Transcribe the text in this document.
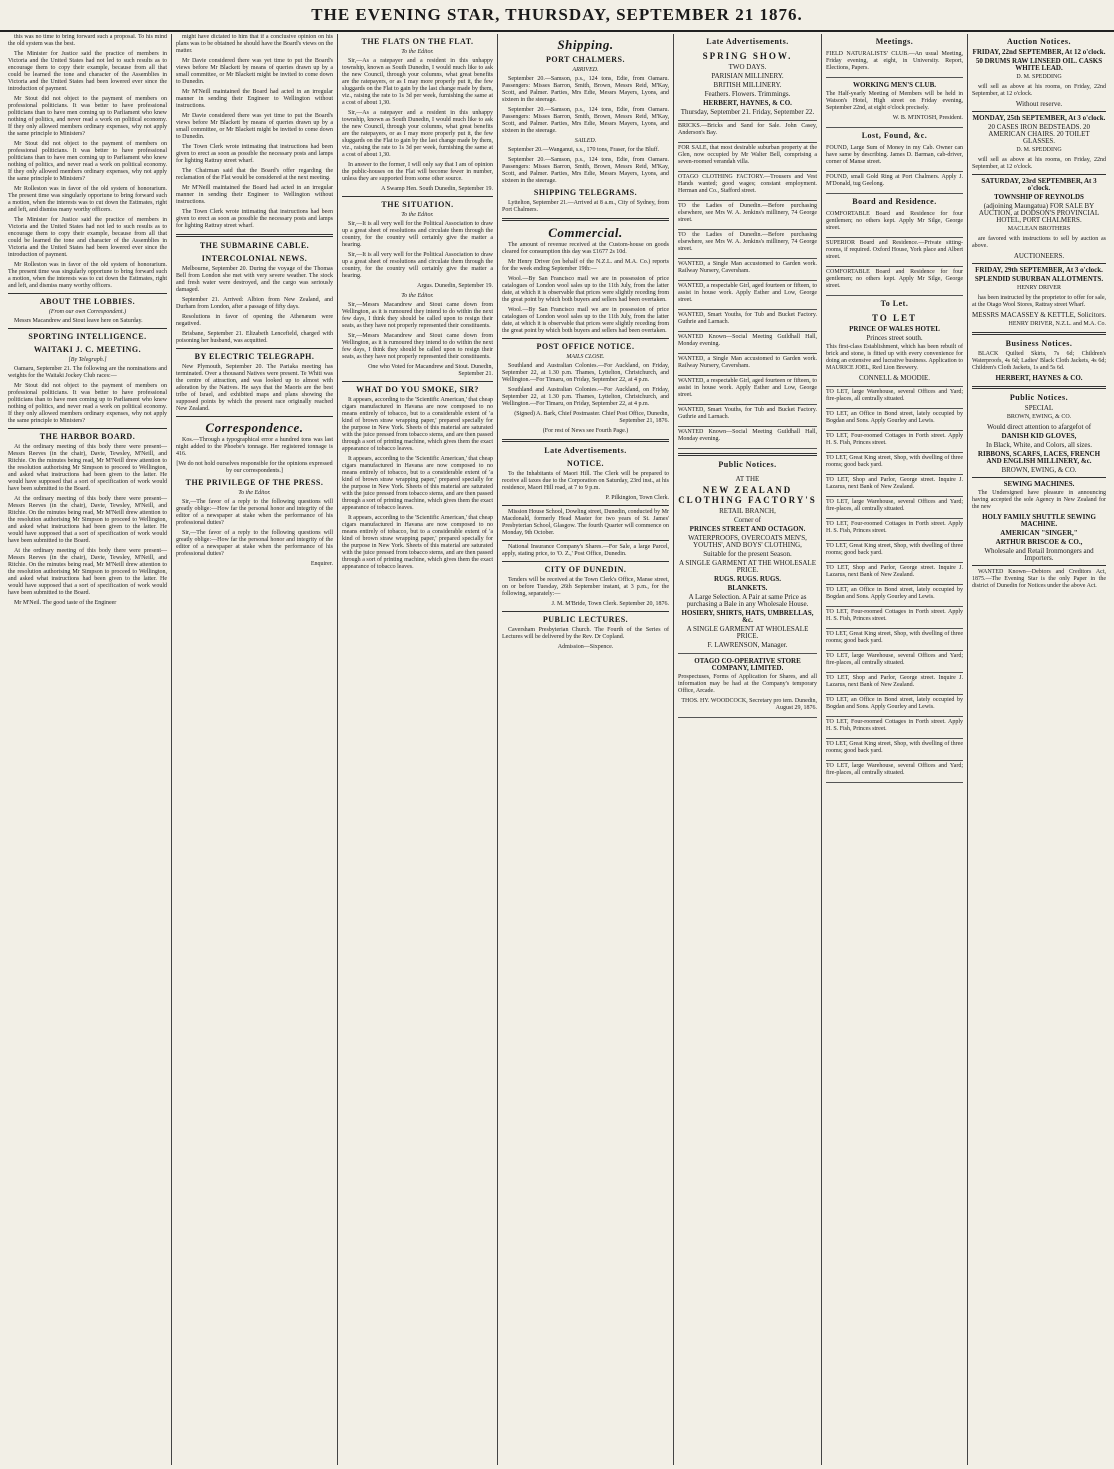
THE EVENING STAR, THURSDAY, SEPTEMBER 21 1876.

this was no time to bring forward such a proposal. To his mind the old system was the best.

The Minister for Justice said the practice of members in Victoria and the United States had not led to such results as to encourage them to copy their example, because from all that could be learned the tone and character of the Assemblies in Victoria and the United States had been lowered ever since the introduction of payment.

Mr Stout did not object to the payment of members on professional politicians. It was better to have professional politicians than to have men coming up to Parliament who knew nothing of politics, and never read a work on political economy. If they only allowed members ordinary expenses, why not apply the same principle to Ministers?

Mr Stout did not object to the payment of members on professional politicians. It was better to have professional politicians than to have men coming up to Parliament who knew nothing of politics, and never read a work on political economy. If they only allowed members ordinary expenses, why not apply the same principle to Ministers?

Mr Rolleston was in favor of the old system of honorarium. The present time was singularly opportune to bring forward such a motion, when the interests was to cut down the Estimates, right and left, and dismiss many worthy officers.

The Minister for Justice said the practice of members in Victoria and the United States had not led to such results as to encourage them to copy their example, because from all that could be learned the tone and character of the Assemblies in Victoria and the United States had been lowered ever since the introduction of payment.

Mr Rolleston was in favor of the old system of honorarium. The present time was singularly opportune to bring forward such a motion, when the interests was to cut down the Estimates, right and left, and dismiss many worthy officers.

ABOUT THE LOBBIES.
(From our own Correspondent.)

Messrs Macandrew and Stout leave here on Saturday.

SPORTING INTELLIGENCE.
WAITAKI J. C. MEETING.
[By Telegraph.]

Oamaru, September 21. The following are the nominations and weights for the Waitaki Jockey Club races:—

Mr Stout did not object to the payment of members on professional politicians. It was better to have professional politicians than to have men coming up to Parliament who knew nothing of politics, and never read a work on political economy. If they only allowed members ordinary expenses, why not apply the same principle to Ministers?

THE HARBOR BOARD.

At the ordinary meeting of this body there were present—Messrs Reeves (in the chair), Davie, Tewsley, M'Neill, and Ritchie. On the minutes being read, Mr M'Neill drew attention to the resolution authorising Mr Simpson to proceed to Wellington, and asked what instructions had been given to the latter. He would have supposed that a sort of specification of work would have been submitted to the Board.

At the ordinary meeting of this body there were present—Messrs Reeves (in the chair), Davie, Tewsley, M'Neill, and Ritchie. On the minutes being read, Mr M'Neill drew attention to the resolution authorising Mr Simpson to proceed to Wellington, and asked what instructions had been given to the latter. He would have supposed that a sort of specification of work would have been submitted to the Board.

At the ordinary meeting of this body there were present—Messrs Reeves (in the chair), Davie, Tewsley, M'Neill, and Ritchie. On the minutes being read, Mr M'Neill drew attention to the resolution authorising Mr Simpson to proceed to Wellington, and asked what instructions had been given to the latter. He would have supposed that a sort of specification of work would have been submitted to the Board.

Mr M'Neil. The good taste of the Engineer

might have dictated to him that if a conclusive opinion on his plans was to be obtained he should have the Board's views on the matter.

Mr Davie considered there was yet time to put the Board's views before Mr Blackett by means of queries drawn up by a small committee, or Mr Blackett might be invited to come down to Dunedin.

Mr M'Neill maintained the Board had acted in an irregular manner in sending their Engineer to Wellington without instructions.

Mr Davie considered there was yet time to put the Board's views before Mr Blackett by means of queries drawn up by a small committee, or Mr Blackett might be invited to come down to Dunedin.

The Town Clerk wrote intimating that instructions had been given to erect as soon as possible the necessary posts and lamps for lighting Rattray street wharf.

The Chairman said that the Board's offer regarding the reclamation of the Flat would be considered at the next meeting.

Mr M'Neill maintained the Board had acted in an irregular manner in sending their Engineer to Wellington without instructions.

The Town Clerk wrote intimating that instructions had been given to erect as soon as possible the necessary posts and lamps for lighting Rattray street wharf.

THE SUBMARINE CABLE.
INTERCOLONIAL NEWS.

Melbourne, September 20. During the voyage of the Thomas Bell from London she met with very severe weather. The stock and fresh water were destroyed, and the cargo was seriously damaged.

September 21. Arrived: Albion from New Zealand, and Durham from London, after a passage of fifty days.

Resolutions in favor of opening the Athenæum were negatived.

Brisbane, September 21. Elizabeth Lencefield, charged with poisoning her husband, was acquitted.

BY ELECTRIC TELEGRAPH.

New Plymouth, September 20. The Pariaka meeting has terminated. Over a thousand Natives were present. Te Whiti was the centre of attraction, and was looked up to almost with adoration by the Natives. He says that the Maoris are the best tribe of Israel, and exhibited maps and plans showing the supposed points by which the present race originally reached New Zealand.

Correspondence.

Kos.—Through a typographical error a hundred tons was last night added to the Phoebe's tonnage. Her registered tonnage is 416.

[We do not hold ourselves responsible for the opinions expressed by our correspondents.]

THE PRIVILEGE OF THE PRESS.
To the Editor.

Sir,—The favor of a reply to the following questions will greatly oblige:—How far the personal honor and integrity of the editor of a newspaper at stake when the performance of his professional duties?

Sir,—The favor of a reply to the following questions will greatly oblige:—How far the personal honor and integrity of the editor of a newspaper at stake when the performance of his professional duties?

Enquirer.

THE FLATS ON THE FLAT.
To the Editor.

Sir,—As a ratepayer and a resident in this unhappy township, known as South Dunedin, I would much like to ask the new Council, through your columns, what great benefits are the ratepayers, or as I may more properly put it, the few sluggards on the Flat to gain by the last change made by them, viz., raising the rate to 1s 3d per week, furnishing the same at a cost of about 1,30.

Sir,—As a ratepayer and a resident in this unhappy township, known as South Dunedin, I would much like to ask the new Council, through your columns, what great benefits are the ratepayers, or as I may more properly put it, the few sluggards on the Flat to gain by the last change made by them, viz., raising the rate to 1s 3d per week, furnishing the same at a cost of about 1,30.

In answer to the former, I will only say that I am of opinion the public-houses on the Flat will become fewer in number, unless they are supported from some other source.

A Swamp Hen. South Dunedin, September 19.

THE SITUATION.
To the Editor.

Sir,—It is all very well for the Political Association to draw up a great sheet of resolutions and circulate them through the country, for the country will certainly give the matter a hearing.

Sir,—It is all very well for the Political Association to draw up a great sheet of resolutions and circulate them through the country, for the country will certainly give the matter a hearing.

Argus. Dunedin, September 19.

To the Editor.

Sir,—Messrs Macandrew and Stout came down from Wellington, as it is rumoured they intend to do within the next few days, I think they should be called upon to resign their seats, as they have not properly represented their constituents.

Sir,—Messrs Macandrew and Stout came down from Wellington, as it is rumoured they intend to do within the next few days, I think they should be called upon to resign their seats, as they have not properly represented their constituents.

One who Voted for Macandrew and Stout. Dunedin, September 21.

WHAT DO YOU SMOKE, SIR?

It appears, according to the 'Scientific American,' that cheap cigars manufactured in Havana are now composed to no means entirely of tobacco, but to a considerable extent of 'a kind of brown straw wrapping paper,' prepared specially for the purpose in New York. Sheets of this material are saturated with the juice pressed from tobacco stems, and are then passed through a sort of printing machine, which gives them the exact appearance of tobacco leaves.

It appears, according to the 'Scientific American,' that cheap cigars manufactured in Havana are now composed to no means entirely of tobacco, but to a considerable extent of 'a kind of brown straw wrapping paper,' prepared specially for the purpose in New York. Sheets of this material are saturated with the juice pressed from tobacco stems, and are then passed through a sort of printing machine, which gives them the exact appearance of tobacco leaves.

It appears, according to the 'Scientific American,' that cheap cigars manufactured in Havana are now composed to no means entirely of tobacco, but to a considerable extent of 'a kind of brown straw wrapping paper,' prepared specially for the purpose in New York. Sheets of this material are saturated with the juice pressed from tobacco stems, and are then passed through a sort of printing machine, which gives them the exact appearance of tobacco leaves.

Shipping.
PORT CHALMERS.
ARRIVED.

September 20.—Samson, p.s., 124 tons, Edie, from Oamaru. Passengers: Misses Barron, Smith, Brown, Messrs Reid, M'Kay, Scott, and Palmer. Parties, Mrs Edie, Messrs Mayers, Lyons, and sixteen in the steerage.

September 20.—Samson, p.s., 124 tons, Edie, from Oamaru. Passengers: Misses Barron, Smith, Brown, Messrs Reid, M'Kay, Scott, and Palmer. Parties, Mrs Edie, Messrs Mayers, Lyons, and sixteen in the steerage.

SAILED.

September 20.—Wanganui, s.s., 170 tons, Fraser, for the Bluff.

September 20.—Samson, p.s., 124 tons, Edie, from Oamaru. Passengers: Misses Barron, Smith, Brown, Messrs Reid, M'Kay, Scott, and Palmer. Parties, Mrs Edie, Messrs Mayers, Lyons, and sixteen in the steerage.

SHIPPING TELEGRAMS.

Lyttelton, September 21.—Arrived at 8 a.m., City of Sydney, from Port Chalmers.

Commercial.

The amount of revenue received at the Custom-house on goods cleared for consumption this day was £1677 2s 10d.

Mr Henry Driver (on behalf of the N.Z.L. and M.A. Co.) reports for the week ending September 19th:—

Wool.—By San Francisco mail we are in possession of price catalogues of London wool sales up to the 11th July, from the latter date, at which it is observable that prices were slightly receding from the great point by which both buyers and sellers had been overtaken.

Wool.—By San Francisco mail we are in possession of price catalogues of London wool sales up to the 11th July, from the latter date, at which it is observable that prices were slightly receding from the great point by which both buyers and sellers had been overtaken.

POST OFFICE NOTICE.
MAILS CLOSE.

Southland and Australian Colonies.—For Auckland, on Friday, September 22, at 1.30 p.m. Thames, Lyttelton, Christchurch, and Wellington.—For Timaru, on Friday, September 22, at 4 p.m.

Southland and Australian Colonies.—For Auckland, on Friday, September 22, at 1.30 p.m. Thames, Lyttelton, Christchurch, and Wellington.—For Timaru, on Friday, September 22, at 4 p.m.

(Signed) A. Bark, Chief Postmaster. Chief Post Office, Dunedin, September 21, 1876.

(For rest of News see Fourth Page.)

Late Advertisements.
NOTICE.

To the Inhabitants of Maori Hill. The Clerk will be prepared to receive all taxes due to the Corporation on Saturday, 23rd inst., at his residence, Maori Hill road, at 7 to 9 p.m.

P. Pilkington, Town Clerk.

Mission House School, Dowling street, Dunedin, conducted by Mr Macdonald, formerly Head Master for two years of St. James' Presbyterian School, Glasgow. The fourth Quarter will commence on Monday, 9th October.

National Insurance Company's Shares.—For Sale, a large Parcel, apply, stating price, to 'O. Z.,' Post Office, Dunedin.

CITY OF DUNEDIN.

Tenders will be received at the Town Clerk's Office, Manse street, on or before Tuesday, 26th September instant, at 3 p.m., for the following, separately:—

J. M. M'Bride, Town Clerk. September 20, 1876.

PUBLIC LECTURES.

Caversham Presbyterian Church. The Fourth of the Series of Lectures will be delivered by the Rev. Dr Copland.

Admission—Sixpence.

Late Advertisements.

SPRING SHOW.

TWO DAYS.

PARISIAN MILLINERY.

BRITISH MILLINERY.

Feathers. Flowers. Trimmings.

HERBERT, HAYNES, & CO.

Thursday, September 21. Friday, September 22.

BRICKS.—Bricks and Sand for Sale. John Casey, Anderson's Bay.

FOR SALE, that most desirable suburban property at the Glen, now occupied by Mr Walter Bell, comprising a seven-roomed verandah villa.

OTAGO CLOTHING FACTORY.—Trousers and Vest Hands wanted; good wages; constant employment. Herman and Co., Stafford street.

TO the Ladies of Dunedin.—Before purchasing elsewhere, see Mrs W. A. Jenkins's millinery, 74 George street.

TO the Ladies of Dunedin.—Before purchasing elsewhere, see Mrs W. A. Jenkins's millinery, 74 George street.

WANTED, a Single Man accustomed to Garden work. Railway Nursery, Caversham.

WANTED, a respectable Girl, aged fourteen or fifteen, to assist in house work. Apply Esther and Low, George street.

WANTED, Smart Youths, for Tub and Bucket Factory. Guthrie and Larnach.

WANTED Known—Social Meeting Guildhall Hall, Monday evening.

WANTED, a Single Man accustomed to Garden work. Railway Nursery, Caversham.

WANTED, a respectable Girl, aged fourteen or fifteen, to assist in house work. Apply Esther and Low, George street.

WANTED, Smart Youths, for Tub and Bucket Factory. Guthrie and Larnach.

WANTED Known—Social Meeting Guildhall Hall, Monday evening.

Public Notices.

AT THE

NEW ZEALAND CLOTHING FACTORY'S

RETAIL BRANCH,

Corner of

PRINCES STREET AND OCTAGON.

WATERPROOFS, OVERCOATS MEN'S, YOUTHS', AND BOYS' CLOTHING,

Suitable for the present Season.

A SINGLE GARMENT AT THE WHOLESALE PRICE.

RUGS. RUGS. RUGS.

BLANKETS.

A Large Selection. A Pair at same Price as purchasing a Bale in any Wholesale House.

HOSIERY, SHIRTS, HATS, UMBRELLAS, &c.

A SINGLE GARMENT AT WHOLESALE PRICE.

F. LAWRENSON, Manager.

OTAGO CO-OPERATIVE STORE COMPANY, LIMITED.

Prospectuses, Forms of Application for Shares, and all information may be had at the Company's temporary Office, Arcade.

THOS. HY. WOODCOCK, Secretary pro tem. Dunedin, August 29, 1876.

Meetings.

FIELD NATURALISTS' CLUB.—An usual Meeting, Friday evening, at eight, in University. Report, Elections, Papers.

WORKING MEN'S CLUB.

The Half-yearly Meeting of Members will be held in Watson's Hotel, High street on Friday evening, September 22nd, at eight o'clock precisely.

W. B. M'INTOSH, President.

Lost, Found, &c.

FOUND, Large Sum of Money in my Cab. Owner can have same by describing. James D. Barman, cab-driver, corner of Manse street.

FOUND, small Gold Ring at Port Chalmers. Apply J. M'Donald, tug Geelong.

Board and Residence.

COMFORTABLE Board and Residence for four gentlemen; no others kept. Apply Mr Silge, George street.

SUPERIOR Board and Residence.—Private sitting-rooms, if required. Oxford House, York place and Albert street.

COMFORTABLE Board and Residence for four gentlemen; no others kept. Apply Mr Silge, George street.

To Let.

TO LET

PRINCE OF WALES HOTEL

Princes street south.

This first-class Establishment, which has been rebuilt of brick and stone, is fitted up with every convenience for doing an extensive and lucrative business. Application to MAURICE JOEL, Red Lion Brewery.

CONNELL & MOODIE.

TO LET, large Warehouse, several Offices and Yard; fire-places, all centrally situated.

TO LET, an Office in Bond street, lately occupied by Bogdan and Sons. Apply Gourley and Lewis.

TO LET, Four-roomed Cottages in Forth street. Apply H. S. Fish, Princes street.

TO LET, Great King street, Shop, with dwelling of three rooms; good back yard.

TO LET, Shop and Parlor, George street. Inquire J. Lazarus, next Bank of New Zealand.

TO LET, large Warehouse, several Offices and Yard; fire-places, all centrally situated.

TO LET, Four-roomed Cottages in Forth street. Apply H. S. Fish, Princes street.

TO LET, Great King street, Shop, with dwelling of three rooms; good back yard.

TO LET, Shop and Parlor, George street. Inquire J. Lazarus, next Bank of New Zealand.

TO LET, an Office in Bond street, lately occupied by Bogdan and Sons. Apply Gourley and Lewis.

TO LET, Four-roomed Cottages in Forth street. Apply H. S. Fish, Princes street.

TO LET, Great King street, Shop, with dwelling of three rooms; good back yard.

TO LET, large Warehouse, several Offices and Yard; fire-places, all centrally situated.

TO LET, Shop and Parlor, George street. Inquire J. Lazarus, next Bank of New Zealand.

TO LET, an Office in Bond street, lately occupied by Bogdan and Sons. Apply Gourley and Lewis.

TO LET, Four-roomed Cottages in Forth street. Apply H. S. Fish, Princes street.

TO LET, Great King street, Shop, with dwelling of three rooms; good back yard.

TO LET, large Warehouse, several Offices and Yard; fire-places, all centrally situated.

Auction Notices.

FRIDAY, 22nd SEPTEMBER, At 12 o'clock.

50 DRUMS RAW LINSEED OIL. CASKS WHITE LEAD.

D. M. SPEDDING

will sell as above at his rooms, on Friday, 22nd September, at 12 o'clock.

Without reserve.

MONDAY, 25th SEPTEMBER, At 3 o'clock.

20 CASES IRON BEDSTEADS. 20 AMERICAN CHAIRS. 20 TOILET GLASSES.

D. M. SPEDDING

will sell as above at his rooms, on Friday, 22nd September, at 12 o'clock.

SATURDAY, 23rd SEPTEMBER, At 3 o'clock.

TOWNSHIP OF REYNOLDS

(adjoining Maungatua) FOR SALE BY AUCTION, at DODSON'S PROVINCIAL HOTEL, PORT CHALMERS.

MACLEAN BROTHERS

are favored with instructions to sell by auction as above.

AUCTIONEERS.

FRIDAY, 29th SEPTEMBER, At 3 o'clock.

SPLENDID SUBURBAN ALLOTMENTS.

HENRY DRIVER

has been instructed by the proprietor to offer for sale, at the Otago Wool Stores, Rattray street Wharf.

MESSRS MACASSEY & KETTLE, Solicitors.

HENRY DRIVER, N.Z.L. and M.A. Co.

Business Notices.

BLACK Quilted Skirts, 7s 6d; Children's Waterproofs, 4s 6d; Ladies' Black Cloth Jackets, 4s 6d; Children's Cloth Jackets, 1s and 5s 6d.

HERBERT, HAYNES & CO.

Public Notices.

SPECIAL

BROWN, EWING, & CO.

Would direct attention to afargefot of

DANISH KID GLOVES,

In Black, White, and Colors, all sizes.

RIBBONS, SCARFS, LACES, FRENCH AND ENGLISH MILLINERY, &c.

BROWN, EWING, & CO.

SEWING MACHINES.

The Undersigned have pleasure in announcing having accepted the sole Agency in New Zealand for the new

HOLY FAMILY SHUTTLE SEWING MACHINE.

AMERICAN "SINGER,"

ARTHUR BRISCOE & CO.,

Wholesale and Retail Ironmongers and Importers.

WANTED Known—Debtors and Creditors Act, 1875.—The Evening Star is the only Paper in the district of Dunedin for Notices under the above Act.
